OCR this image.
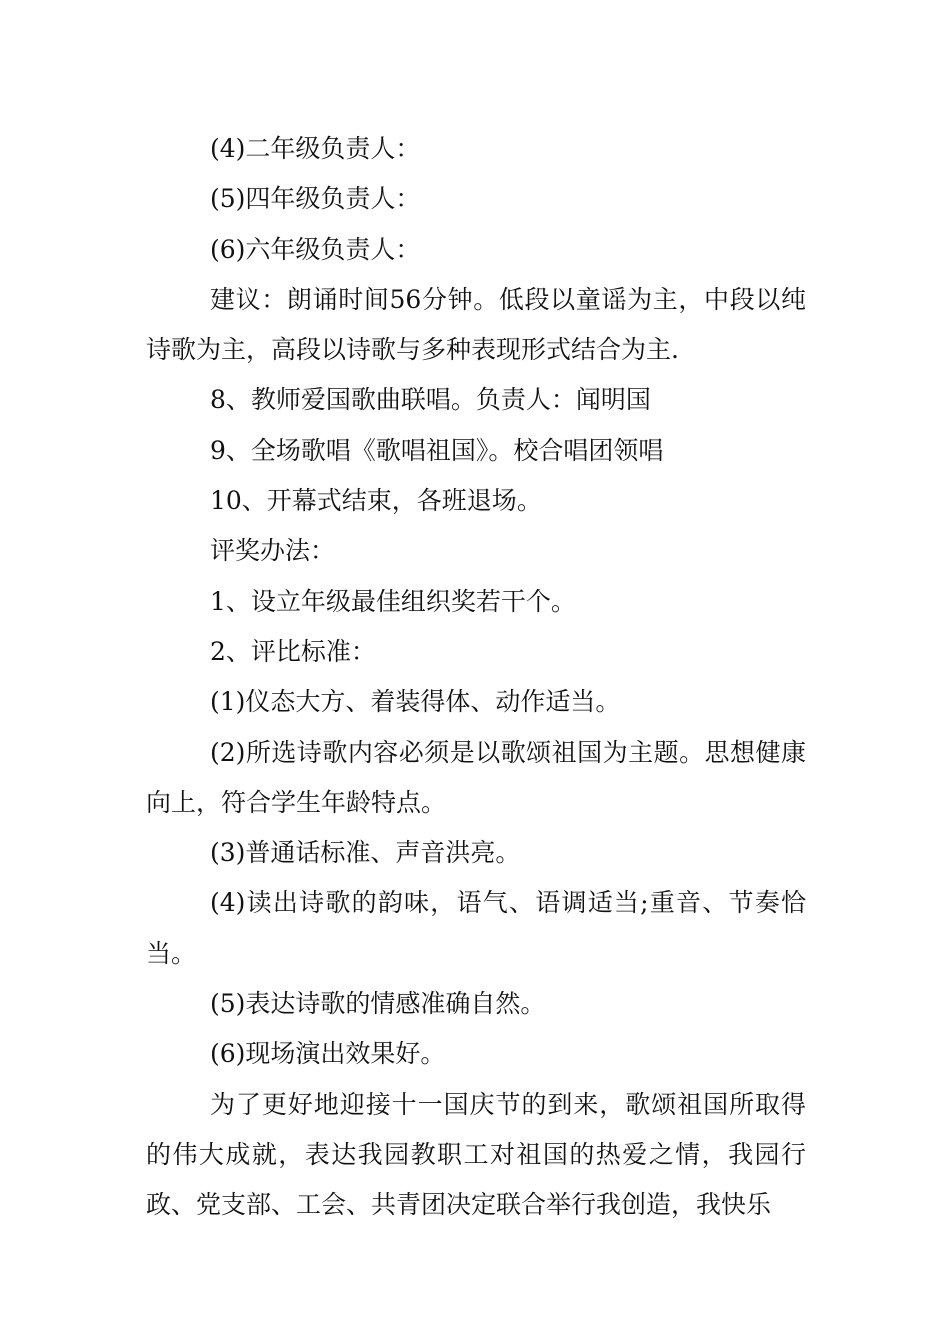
(4)二年级负责人：

(5)四年级负责人：

(6)六年级负责人：

建议：朗诵时间56分钟。低段以童谣为主，中段以纯诗歌为主，高段以诗歌与多种表现形式结合为主.

8、教师爱国歌曲联唱。负责人：闻明国

9、全场歌唱《歌唱祖国》。校合唱团领唱

10、开幕式结束，各班退场。

评奖办法：

1、设立年级最佳组织奖若干个。

2、评比标准：

(1)仪态大方、着装得体、动作适当。

(2)所选诗歌内容必须是以歌颂祖国为主题。思想健康向上，符合学生年龄特点。

(3)普通话标准、声音洪亮。

(4)读出诗歌的韵味，语气、语调适当;重音、节奏恰当。

(5)表达诗歌的情感准确自然。

(6)现场演出效果好。

为了更好地迎接十一国庆节的到来，歌颂祖国所取得的伟大成就，表达我园教职工对祖国的热爱之情，我园行政、党支部、工会、共青团决定联合举行我创造，我快乐
